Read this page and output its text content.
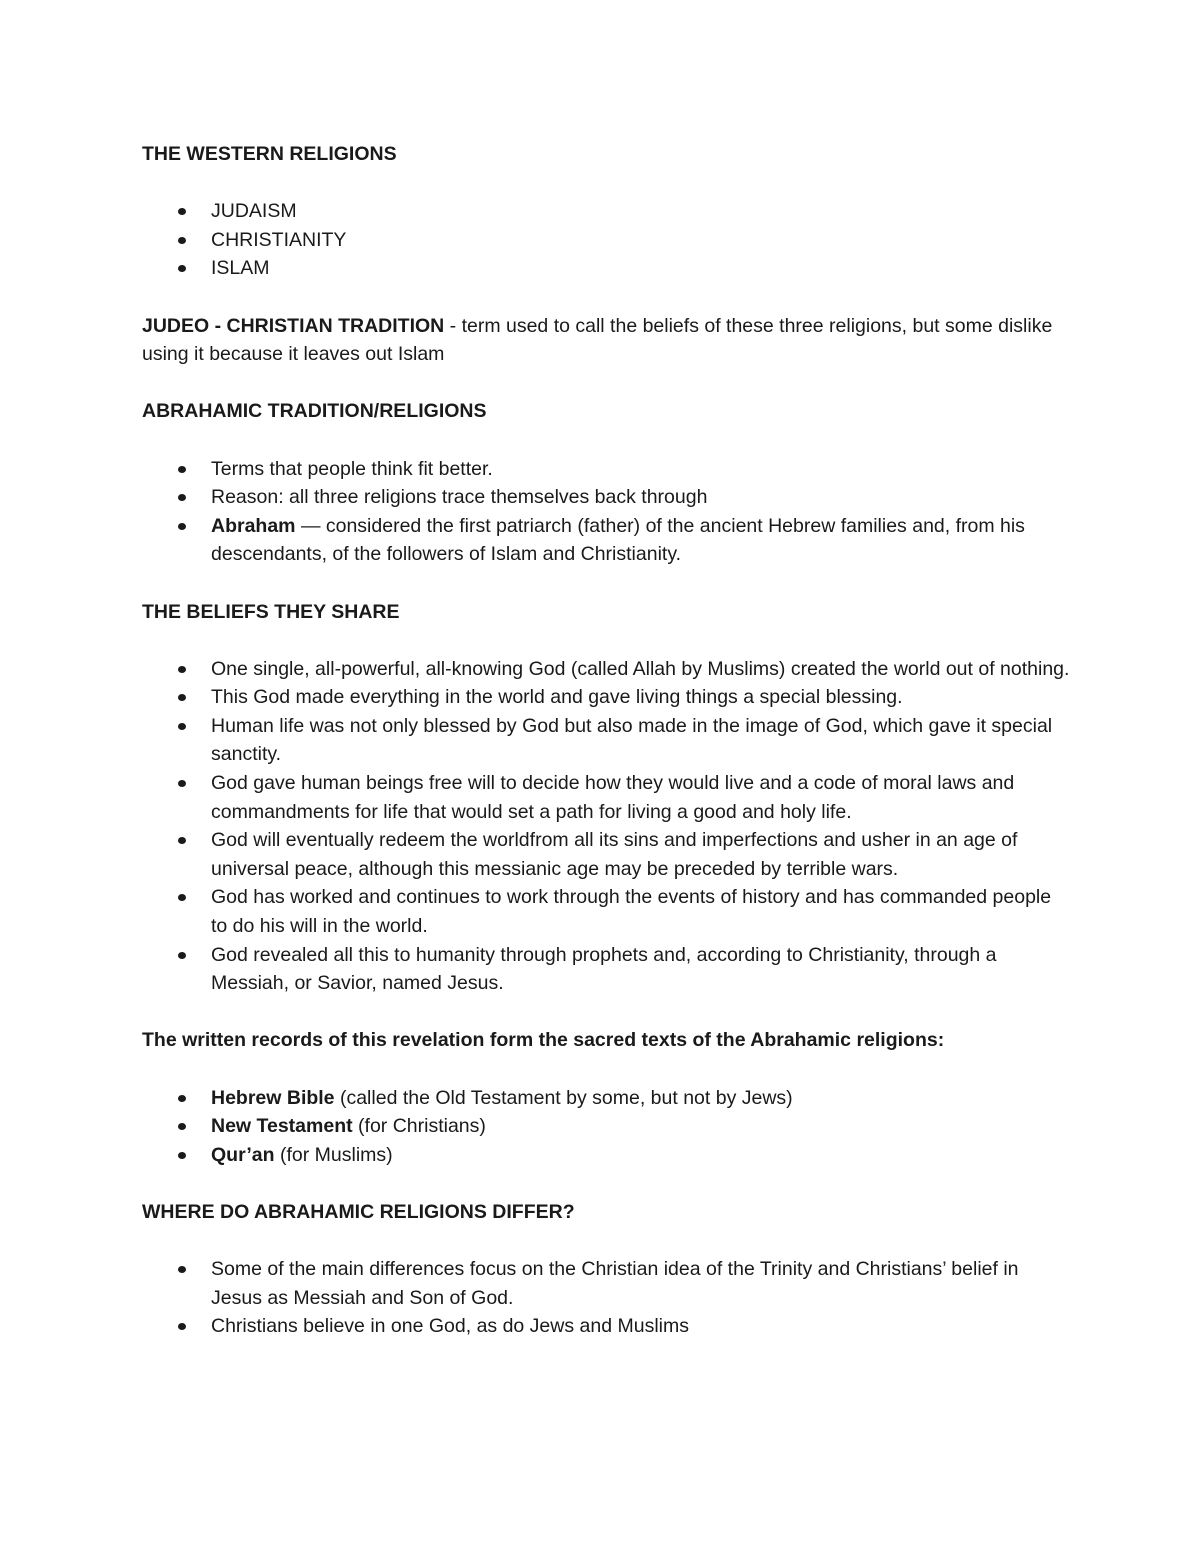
THE WESTERN RELIGIONS

JUDAISM
CHRISTIANITY
ISLAM

JUDEO - CHRISTIAN TRADITION - term used to call the beliefs of these three religions, but some dislike using it because it leaves out Islam

ABRAHAMIC TRADITION/RELIGIONS

Terms that people think fit better.
Reason: all three religions trace themselves back through
Abraham — considered the first patriarch (father) of the ancient Hebrew families and, from his descendants, of the followers of Islam and Christianity.

THE BELIEFS THEY SHARE

One single, all-powerful, all-knowing God (called Allah by Muslims) created the world out of nothing.
This God made everything in the world and gave living things a special blessing.
Human life was not only blessed by God but also made in the image of God, which gave it special sanctity.
God gave human beings free will to decide how they would live and a code of moral laws and commandments for life that would set a path for living a good and holy life.
God will eventually redeem the worldfrom all its sins and imperfections and usher in an age of universal peace, although this messianic age may be preceded by terrible wars.
God has worked and continues to work through the events of history and has commanded people to do his will in the world.
God revealed all this to humanity through prophets and, according to Christianity, through a Messiah, or Savior, named Jesus.

The written records of this revelation form the sacred texts of the Abrahamic religions:

Hebrew Bible (called the Old Testament by some, but not by Jews)
New Testament (for Christians)
Qur’an (for Muslims)

WHERE DO ABRAHAMIC RELIGIONS DIFFER?

Some of the main differences focus on the Christian idea of the Trinity and Christians’ belief in Jesus as Messiah and Son of God.
Christians believe in one God, as do Jews and Muslims
